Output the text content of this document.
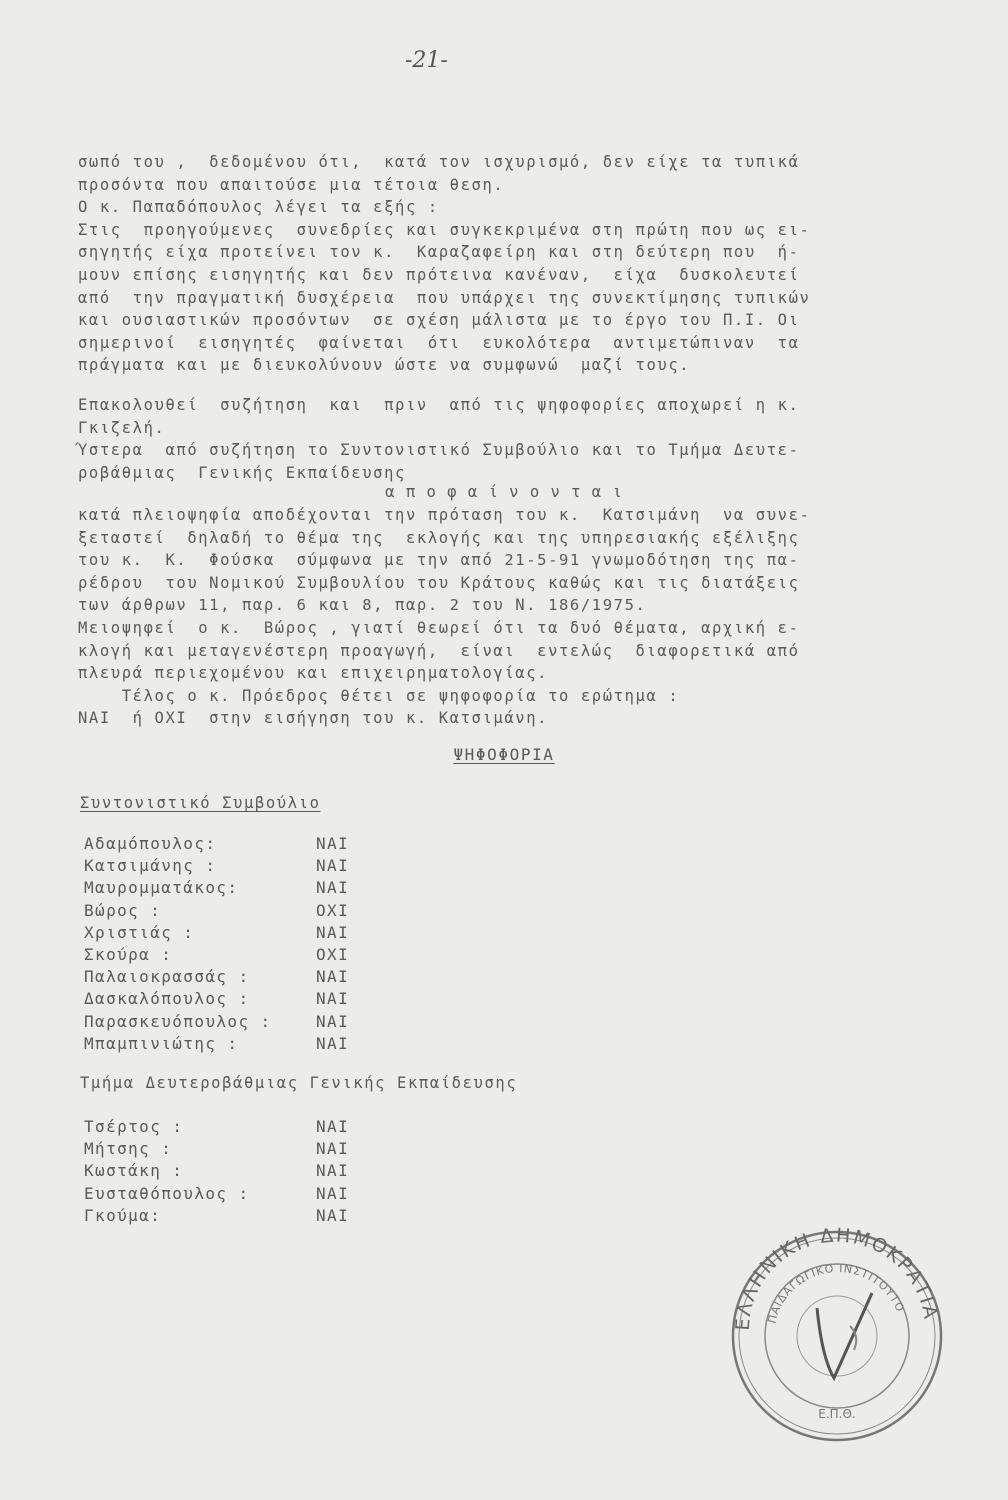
-21-
σωπό του ,  δεδομένου ότι,  κατά τον ισχυρισμό, δεν είχε τα τυπικά
προσόντα που απαιτούσε μια τέτοια θεση.
Ο κ. Παπαδόπουλος λέγει τα εξής :
Στις  προηγούμενες  συνεδρίες και συγκεκριμένα στη πρώτη που ως ει-
σηγητής είχα προτείνει τον κ.  Καραζαφείρη και στη δεύτερη που  ή-
μουν επίσης εισηγητής και δεν πρότεινα κανέναν,  είχα  δυσκολευτεί
από  την πραγματική δυσχέρεια  που υπάρχει της συνεκτίμησης τυπικών
και ουσιαστικών προσόντων  σε σχέση μάλιστα με το έργο του Π.Ι. Οι
σημερινοί  εισηγητές  φαίνεται  ότι  ευκολότερα  αντιμετώπιναν  τα
πράγματα και με διευκολύνουν ώστε να συμφωνώ  μαζί τους.
Επακολουθεί  συζήτηση  και  πριν  από τις ψηφοφορίες αποχωρεί η κ.
Γκιζελή.
Ύστερα  από συζήτηση το Συντονιστικό Συμβούλιο και το Τμήμα Δευτε-
ροβάθμιας  Γενικής Εκπαίδευσης
α π ο φ α ί ν ο ν τ α ι
κατά πλειοψηφία αποδέχονται την πρόταση του κ.  Κατσιμάνη  να συνε-
ξεταστεί  δηλαδή το θέμα της  εκλογής και της υπηρεσιακής εξέλιξης
του κ.  Κ.  Φούσκα  σύμφωνα με την από 21-5-91 γνωμοδότηση της πα-
ρέδρου  του Νομικού Συμβουλίου του Κράτους καθώς και τις διατάξεις
των άρθρων 11, παρ. 6 και 8, παρ. 2 του Ν. 186/1975.
Μειοψηφεί  ο κ.  Βώρος , γιατί θεωρεί ότι τα δυό θέματα, αρχική ε-
κλογή και μεταγενέστερη προαγωγή,  είναι  εντελώς  διαφορετικά από
πλευρά περιεχομένου και επιχειρηματολογίας.
Τέλος ο κ. Πρόεδρος θέτει σε ψηφοφορία το ερώτημα :
ΝΑΙ  ή ΟΧΙ  στην εισήγηση του κ. Κατσιμάνη.
ΨΗΦΟΦΟΡΙΑ
Συντονιστικό Συμβούλιο
Αδαμόπουλος:	ΝΑΙ
Κατσιμάνης :	ΝΑΙ
Μαυρομματάκος:	ΝΑΙ
Βώρος :	ΟΧΙ
Χριστιάς :	ΝΑΙ
Σκούρα :	ΟΧΙ
Παλαιοκρασσάς :	ΝΑΙ
Δασκαλόπουλος :	ΝΑΙ
Παρασκευόπουλος :	ΝΑΙ
Μπαμπινιώτης :	ΝΑΙ
Τμήμα Δευτεροβάθμιας Γενικής Εκπαίδευσης
Τσέρτος :	ΝΑΙ
Μήτσης :	ΝΑΙ
Κωστάκη :	ΝΑΙ
Ευσταθόπουλος :	ΝΑΙ
Γκούμα:	ΝΑΙ
ΕΛΛΗΝΙΚΗ ΔΗΜΟΚΡΑΤΙΑ
ΠΑΙΔΑΓΩΓΙΚΟ ΙΝΣΤΙΤΟΥΤΟ
Ε.Π.Θ.
